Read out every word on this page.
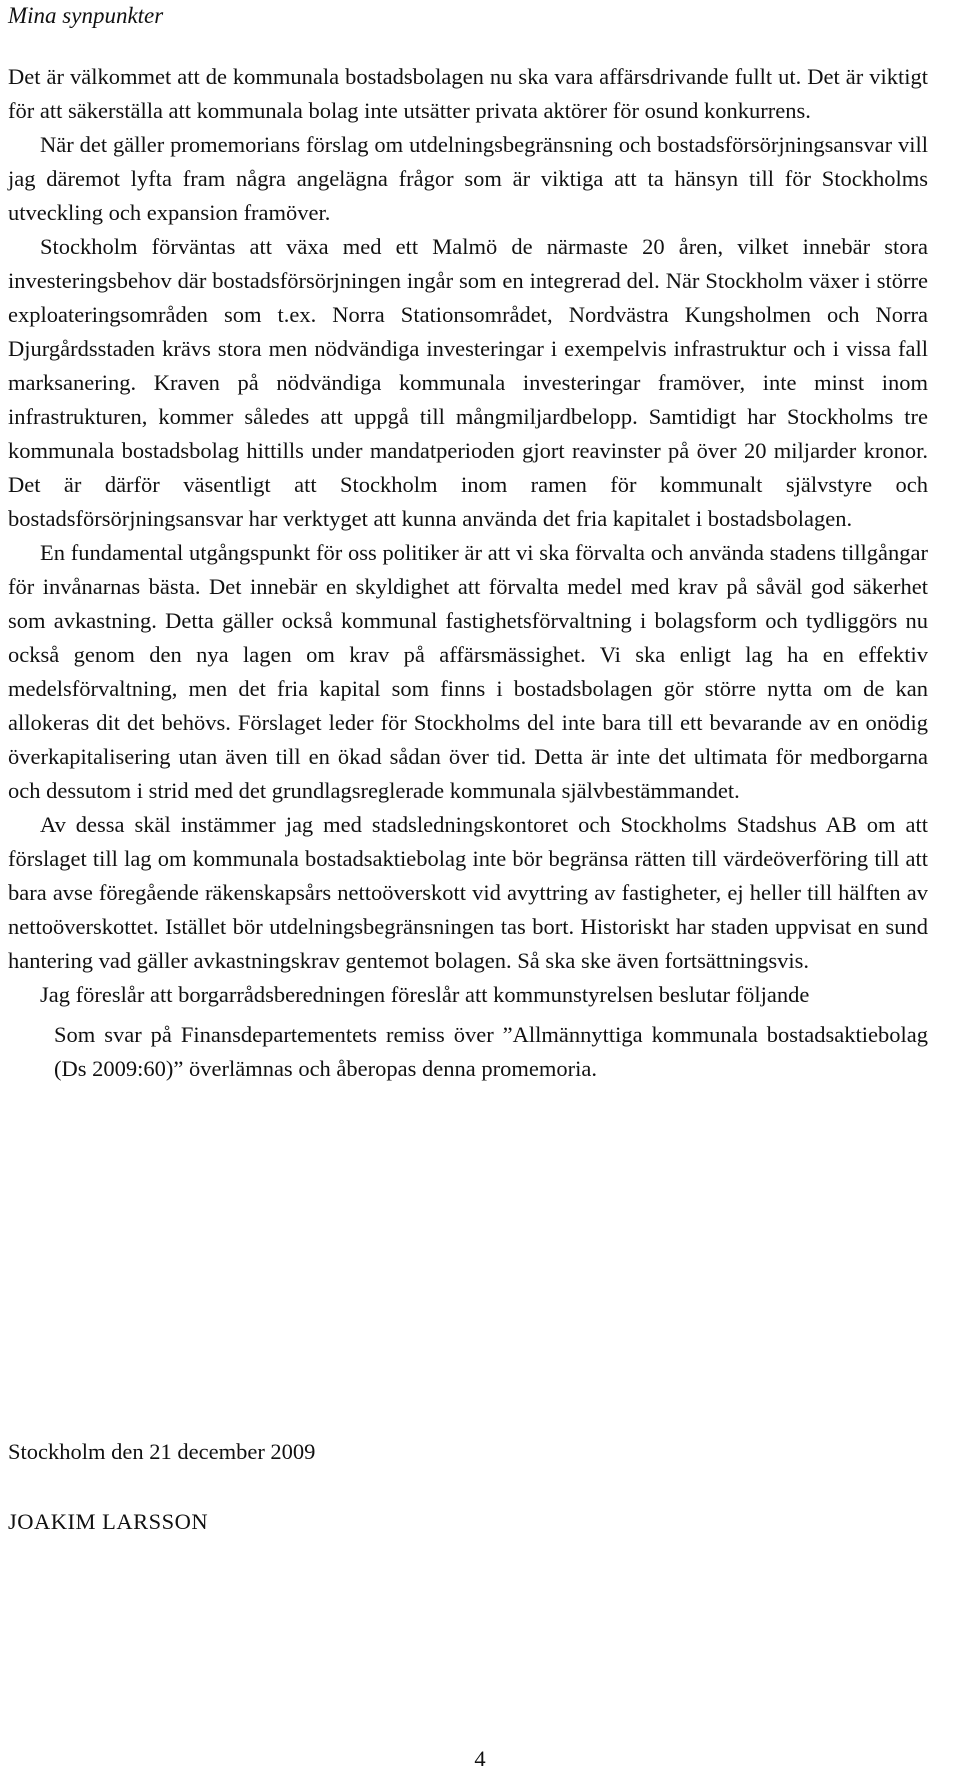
Mina synpunkter

Det är välkommet att de kommunala bostadsbolagen nu ska vara affärsdrivande fullt ut. Det är viktigt för att säkerställa att kommunala bolag inte utsätter privata aktörer för osund konkurrens.

När det gäller promemorians förslag om utdelningsbegränsning och bostadsförsörjningsansvar vill jag däremot lyfta fram några angelägna frågor som är viktiga att ta hänsyn till för Stockholms utveckling och expansion framöver.

Stockholm förväntas att växa med ett Malmö de närmaste 20 åren, vilket innebär stora investeringsbehov där bostadsförsörjningen ingår som en integrerad del. När Stockholm växer i större exploateringsområden som t.ex. Norra Stationsområdet, Nordvästra Kungsholmen och Norra Djurgårdsstaden krävs stora men nödvändiga investeringar i exempelvis infrastruktur och i vissa fall marksanering. Kraven på nödvändiga kommunala investeringar framöver, inte minst inom infrastrukturen, kommer således att uppgå till mångmiljardbelopp. Samtidigt har Stockholms tre kommunala bostadsbolag hittills under mandatperioden gjort reavinster på över 20 miljarder kronor. Det är därför väsentligt att Stockholm inom ramen för kommunalt självstyre och bostadsförsörjningsansvar har verktyget att kunna använda det fria kapitalet i bostadsbolagen.

En fundamental utgångspunkt för oss politiker är att vi ska förvalta och använda stadens tillgångar för invånarnas bästa. Det innebär en skyldighet att förvalta medel med krav på såväl god säkerhet som avkastning. Detta gäller också kommunal fastighetsförvaltning i bolagsform och tydliggörs nu också genom den nya lagen om krav på affärsmässighet. Vi ska enligt lag ha en effektiv medelsförvaltning, men det fria kapital som finns i bostadsbolagen gör större nytta om de kan allokeras dit det behövs. Förslaget leder för Stockholms del inte bara till ett bevarande av en onödig överkapitalisering utan även till en ökad sådan över tid. Detta är inte det ultimata för medborgarna och dessutom i strid med det grundlagsreglerade kommunala självbestämmandet.

Av dessa skäl instämmer jag med stadsledningskontoret och Stockholms Stadshus AB om att förslaget till lag om kommunala bostadsaktiebolag inte bör begränsa rätten till värdeöverföring till att bara avse föregående räkenskapsårs nettoöverskott vid avyttring av fastigheter, ej heller till hälften av nettoöverskottet. Istället bör utdelningsbegränsningen tas bort. Historiskt har staden uppvisat en sund hantering vad gäller avkastningskrav gentemot bolagen. Så ska ske även fortsättningsvis.

Jag föreslår att borgarrådsberedningen föreslår att kommunstyrelsen beslutar följande

Som svar på Finansdepartementets remiss över ”Allmännyttiga kommunala bostadsaktiebolag (Ds 2009:60)” överlämnas och åberopas denna promemoria.

Stockholm den 21 december 2009
JOAKIM LARSSON
4
